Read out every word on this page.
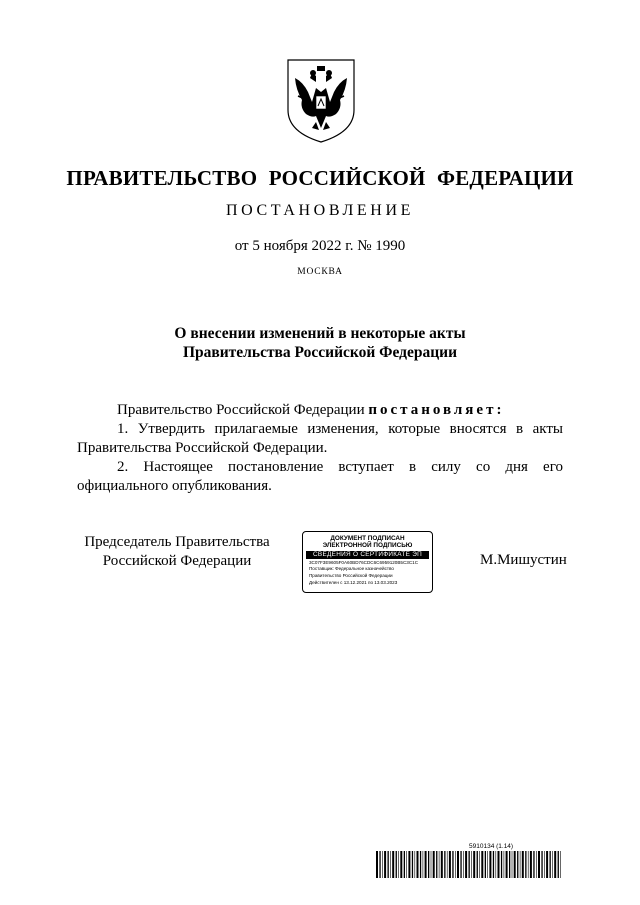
ПРАВИТЕЛЬСТВО РОССИЙСКОЙ ФЕДЕРАЦИИ
ПОСТАНОВЛЕНИЕ
от 5 ноября 2022 г. № 1990
МОСКВА
О внесении изменений в некоторые акты
Правительства Российской Федерации
Правительство Российской Федерации постановляет:
1. Утвердить прилагаемые изменения, которые вносятся в акты Правительства Российской Федерации.
2. Настоящее постановление вступает в силу со дня его официального опубликования.
Председатель Правительства
Российской Федерации
ДОКУМЕНТ ПОДПИСАН
ЭЛЕКТРОННОЙ ПОДПИСЬЮ
СВЕДЕНИЯ О СЕРТИФИКАТЕ ЭП
3C07F3E9605F0A60BD76CDC6C6959120B5C3C1C
Поставщик: Федеральное казначейство
Правительство Российской Федерации
Действителен с 13.12.2021 по 13.03.2023
М.Мишустин
5910134 (1.14)
